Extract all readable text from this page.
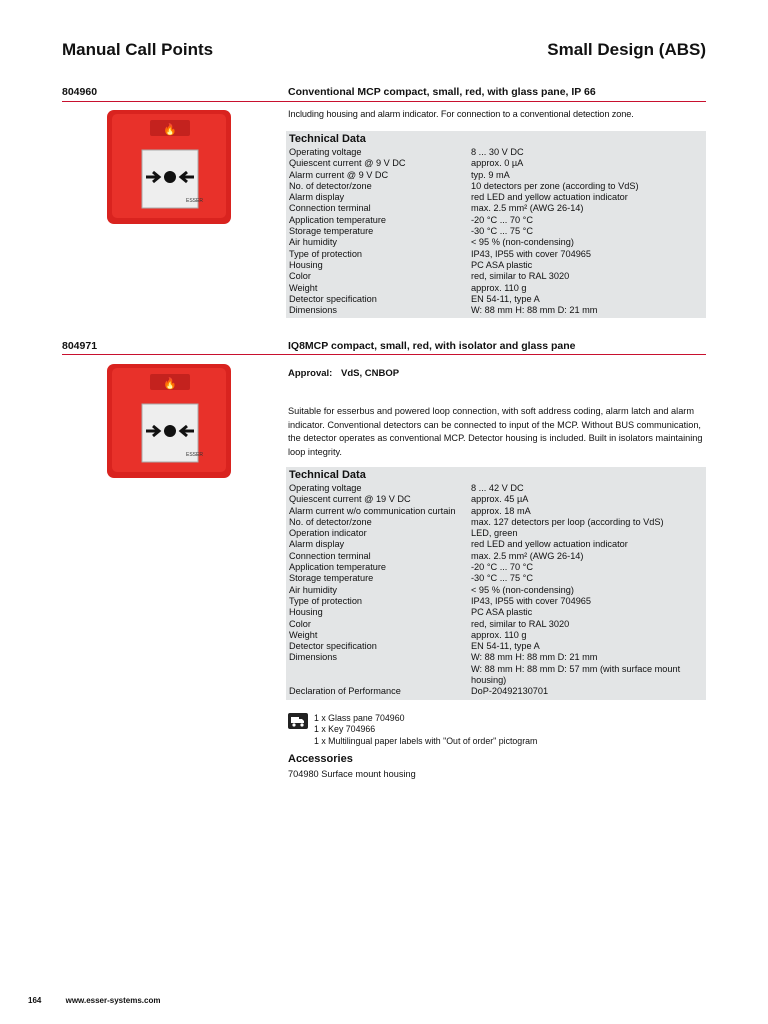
Manual Call Points	Small Design (ABS)
804960	Conventional MCP compact, small, red, with glass pane, IP 66
Including housing and alarm indicator. For connection to a conventional detection zone.
🔥
ESSER
Technical Data
Operating voltage	8 ... 30 V DC
Quiescent current @ 9 V DC	approx. 0 µA
Alarm current @ 9 V DC	typ. 9 mA
No. of detector/zone	10 detectors per zone (according to VdS)
Alarm display	red LED and yellow actuation indicator
Connection terminal	max. 2.5 mm² (AWG 26-14)
Application temperature	-20 °C ... 70 °C
Storage temperature	-30 °C ... 75 °C
Air humidity	< 95 % (non-condensing)
Type of protection	IP43, IP55 with cover 704965
Housing	PC ASA plastic
Color	red, similar to RAL 3020
Weight	approx. 110 g
Detector specification	EN 54-11, type A
Dimensions	W: 88 mm H: 88 mm D: 21 mm
804971	IQ8MCP compact, small, red, with isolator and glass pane
🔥
ESSER
Approval: VdS, CNBOP
Suitable for esserbus and powered loop connection, with soft address coding, alarm latch and alarm indicator. Conventional detectors can be connected to input of the MCP. Without BUS communication, the detector operates as conventional MCP. Detector housing is included. Built in isolators maintaining loop integrity.
Technical Data
Operating voltage	8 ... 42 V DC
Quiescent current @ 19 V DC	approx. 45 µA
Alarm current w/o communication curtain	approx. 18 mA
No. of detector/zone	max. 127 detectors per loop (according to VdS)
Operation indicator	LED, green
Alarm display	red LED and yellow actuation indicator
Connection terminal	max. 2.5 mm² (AWG 26-14)
Application temperature	-20 °C ... 70 °C
Storage temperature	-30 °C ... 75 °C
Air humidity	< 95 % (non-condensing)
Type of protection	IP43, IP55 with cover 704965
Housing	PC ASA plastic
Color	red, similar to RAL 3020
Weight	approx. 110 g
Detector specification	EN 54-11, type A
Dimensions	W: 88 mm H: 88 mm D: 21 mm
W: 88 mm H: 88 mm D: 57 mm (with surface mount housing)
Declaration of Performance	DoP-20492130701
1 x Glass pane 704960
1 x Key 704966
1 x Multilingual paper labels with "Out of order" pictogram
Accessories
704980 Surface mount housing
164	www.esser-systems.com
